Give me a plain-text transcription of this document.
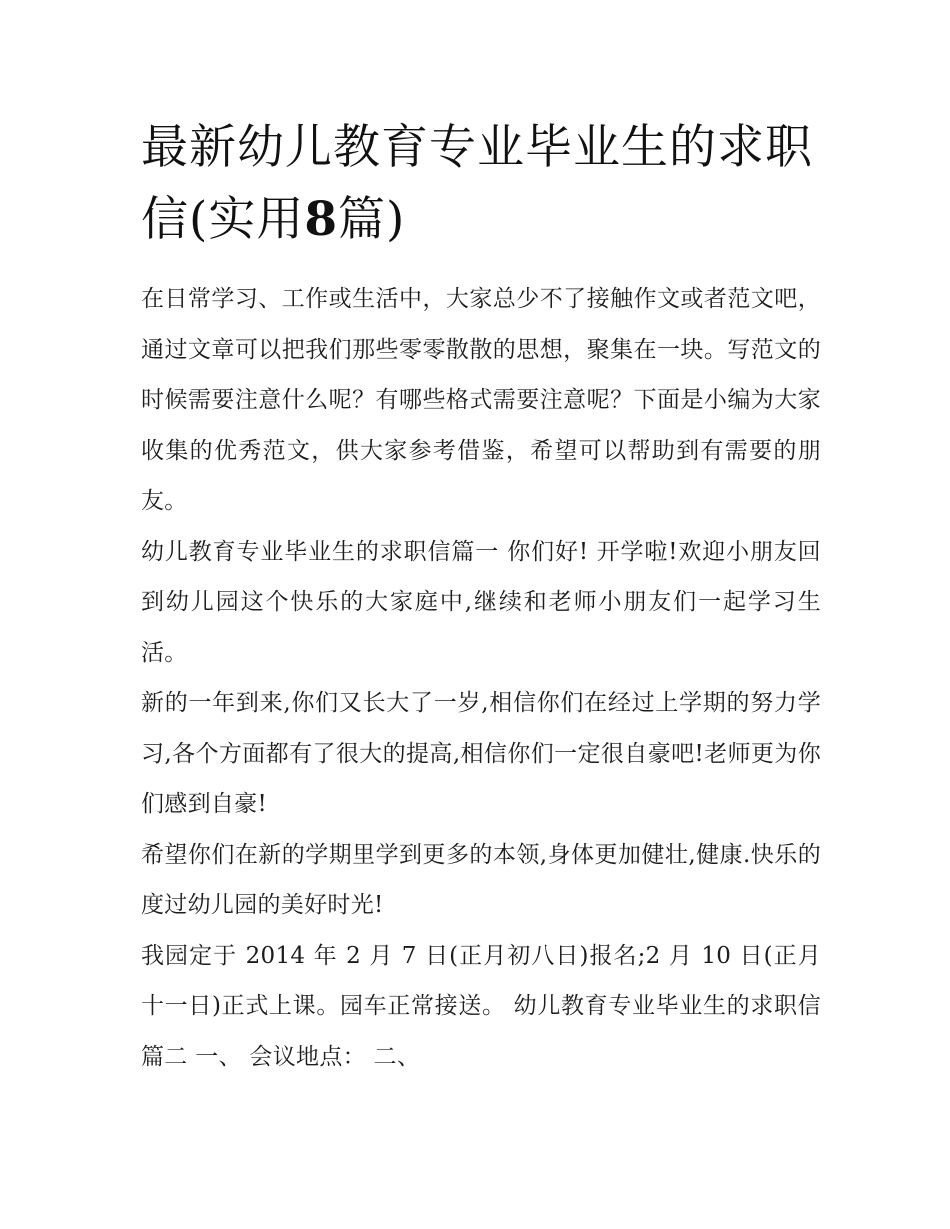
最新幼儿教育专业毕业生的求职信(实用8篇)

在日常学习、工作或生活中，大家总少不了接触作文或者范文吧，通过文章可以把我们那些零零散散的思想，聚集在一块。写范文的时候需要注意什么呢？有哪些格式需要注意呢？下面是小编为大家收集的优秀范文，供大家参考借鉴，希望可以帮助到有需要的朋友。

幼儿教育专业毕业生的求职信篇一 你们好! 开学啦!欢迎小朋友回到幼儿园这个快乐的大家庭中,继续和老师小朋友们一起学习生活。

新的一年到来,你们又长大了一岁,相信你们在经过上学期的努力学习,各个方面都有了很大的提高,相信你们一定很自豪吧!老师更为你们感到自豪!

希望你们在新的学期里学到更多的本领,身体更加健壮,健康.快乐的度过幼儿园的美好时光!

我园定于 2014 年 2 月 7 日(正月初八日)报名;2 月 10 日(正月十一日)正式上课。园车正常接送。 幼儿教育专业毕业生的求职信篇二 一、 会议地点： 二、
